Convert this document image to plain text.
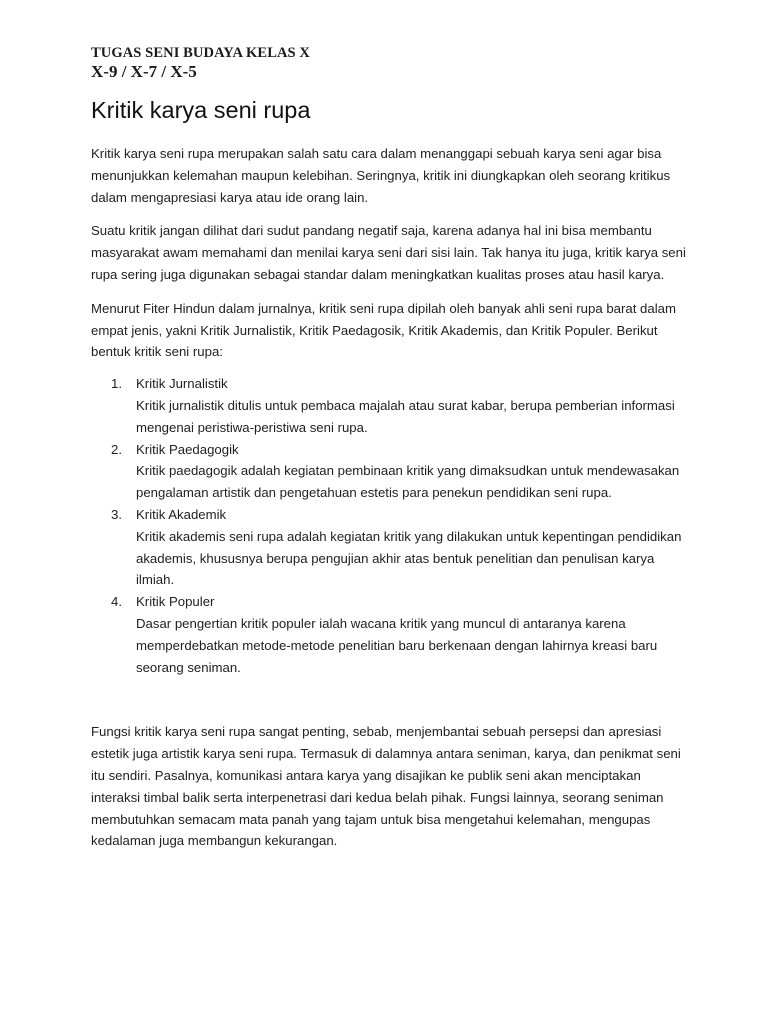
TUGAS SENI BUDAYA KELAS X

X-9 / X-7 / X-5

Kritik karya seni rupa

Kritik karya seni rupa merupakan salah satu cara dalam menanggapi sebuah karya seni agar bisa menunjukkan kelemahan maupun kelebihan. Seringnya, kritik ini diungkapkan oleh seorang kritikus dalam mengapresiasi karya atau ide orang lain.

Suatu kritik jangan dilihat dari sudut pandang negatif saja, karena adanya hal ini bisa membantu masyarakat awam memahami dan menilai karya seni dari sisi lain. Tak hanya itu juga, kritik karya seni rupa sering juga digunakan sebagai standar dalam meningkatkan kualitas proses atau hasil karya.

Menurut Fiter Hindun dalam jurnalnya, kritik seni rupa dipilah oleh banyak ahli seni rupa barat dalam empat jenis, yakni Kritik Jurnalistik, Kritik Paedagosik, Kritik Akademis, dan Kritik Populer. Berikut bentuk kritik seni rupa:

1.	Kritik Jurnalistik
Kritik jurnalistik ditulis untuk pembaca majalah atau surat kabar, berupa pemberian informasi mengenai peristiwa-peristiwa seni rupa.
2.	Kritik Paedagogik
Kritik paedagogik adalah kegiatan pembinaan kritik yang dimaksudkan untuk mendewasakan pengalaman artistik dan pengetahuan estetis para penekun pendidikan seni rupa.
3.	Kritik Akademik
Kritik akademis seni rupa adalah kegiatan kritik yang dilakukan untuk kepentingan pendidikan akademis, khususnya berupa pengujian akhir atas bentuk penelitian dan penulisan karya ilmiah.
4.	Kritik Populer
Dasar pengertian kritik populer ialah wacana kritik yang muncul di antaranya karena memperdebatkan metode-metode penelitian baru berkenaan dengan lahirnya kreasi baru seorang seniman.

Fungsi kritik karya seni rupa sangat penting, sebab, menjembantai sebuah persepsi dan apresiasi estetik juga artistik karya seni rupa. Termasuk di dalamnya antara seniman, karya, dan penikmat seni itu sendiri. Pasalnya, komunikasi antara karya yang disajikan ke publik seni akan menciptakan interaksi timbal balik serta interpenetrasi dari kedua belah pihak. Fungsi lainnya, seorang seniman membutuhkan semacam mata panah yang tajam untuk bisa mengetahui kelemahan, mengupas kedalaman juga membangun kekurangan.
